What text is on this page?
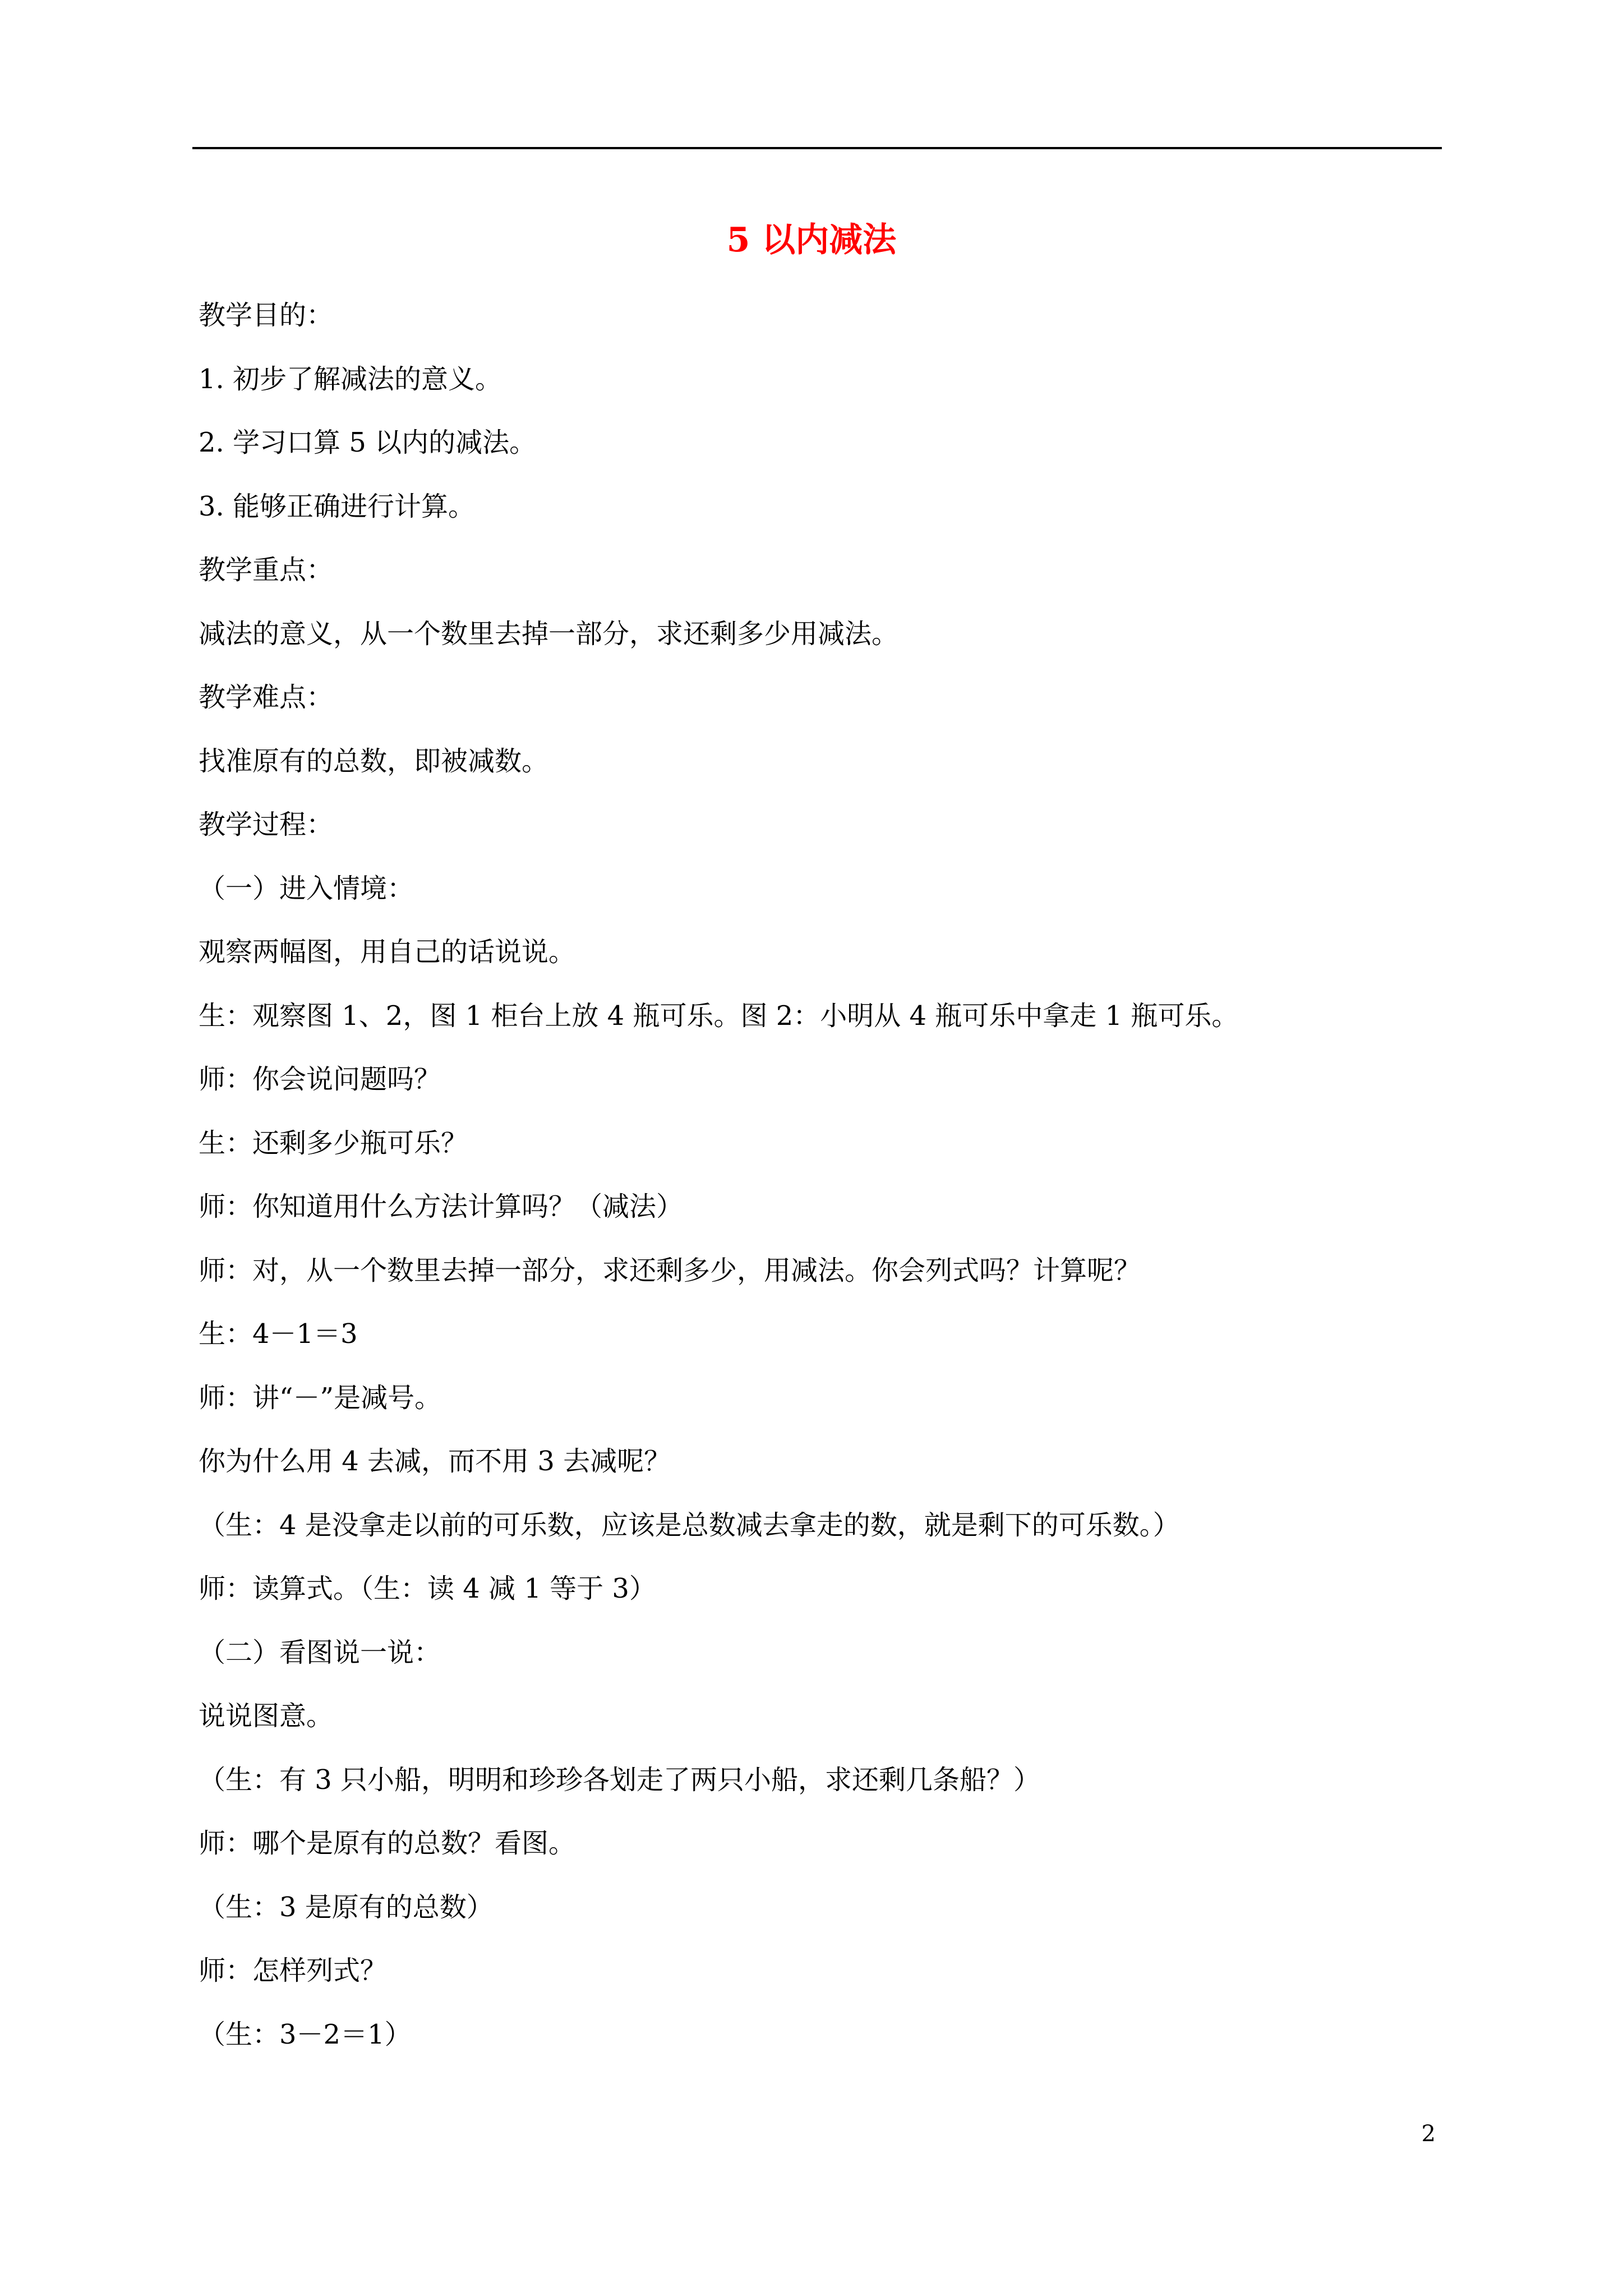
5 以内减法

教学目的：

1. 初步了解减法的意义。

2. 学习口算 5 以内的减法。

3. 能够正确进行计算。

教学重点：

减法的意义，从一个数里去掉一部分，求还剩多少用减法。

教学难点：

找准原有的总数，即被减数。

教学过程：

（一）进入情境：

观察两幅图，用自己的话说说。

生：观察图 1、2，图 1 柜台上放 4 瓶可乐。图 2：小明从 4 瓶可乐中拿走 1 瓶可乐。

师：你会说问题吗？

生：还剩多少瓶可乐？

师：你知道用什么方法计算吗？（减法）

师：对，从一个数里去掉一部分，求还剩多少，用减法。你会列式吗？计算呢？

生：4－1＝3

师：讲“－”是减号。

你为什么用 4 去减，而不用 3 去减呢？

（生：4 是没拿走以前的可乐数，应该是总数减去拿走的数，就是剩下的可乐数。）

师：读算式。（生：读 4 减 1 等于 3）

（二）看图说一说：

说说图意。

（生：有 3 只小船，明明和珍珍各划走了两只小船，求还剩几条船？）

师：哪个是原有的总数？看图。

（生：3 是原有的总数）

师：怎样列式？

（生：3－2＝1）

2
